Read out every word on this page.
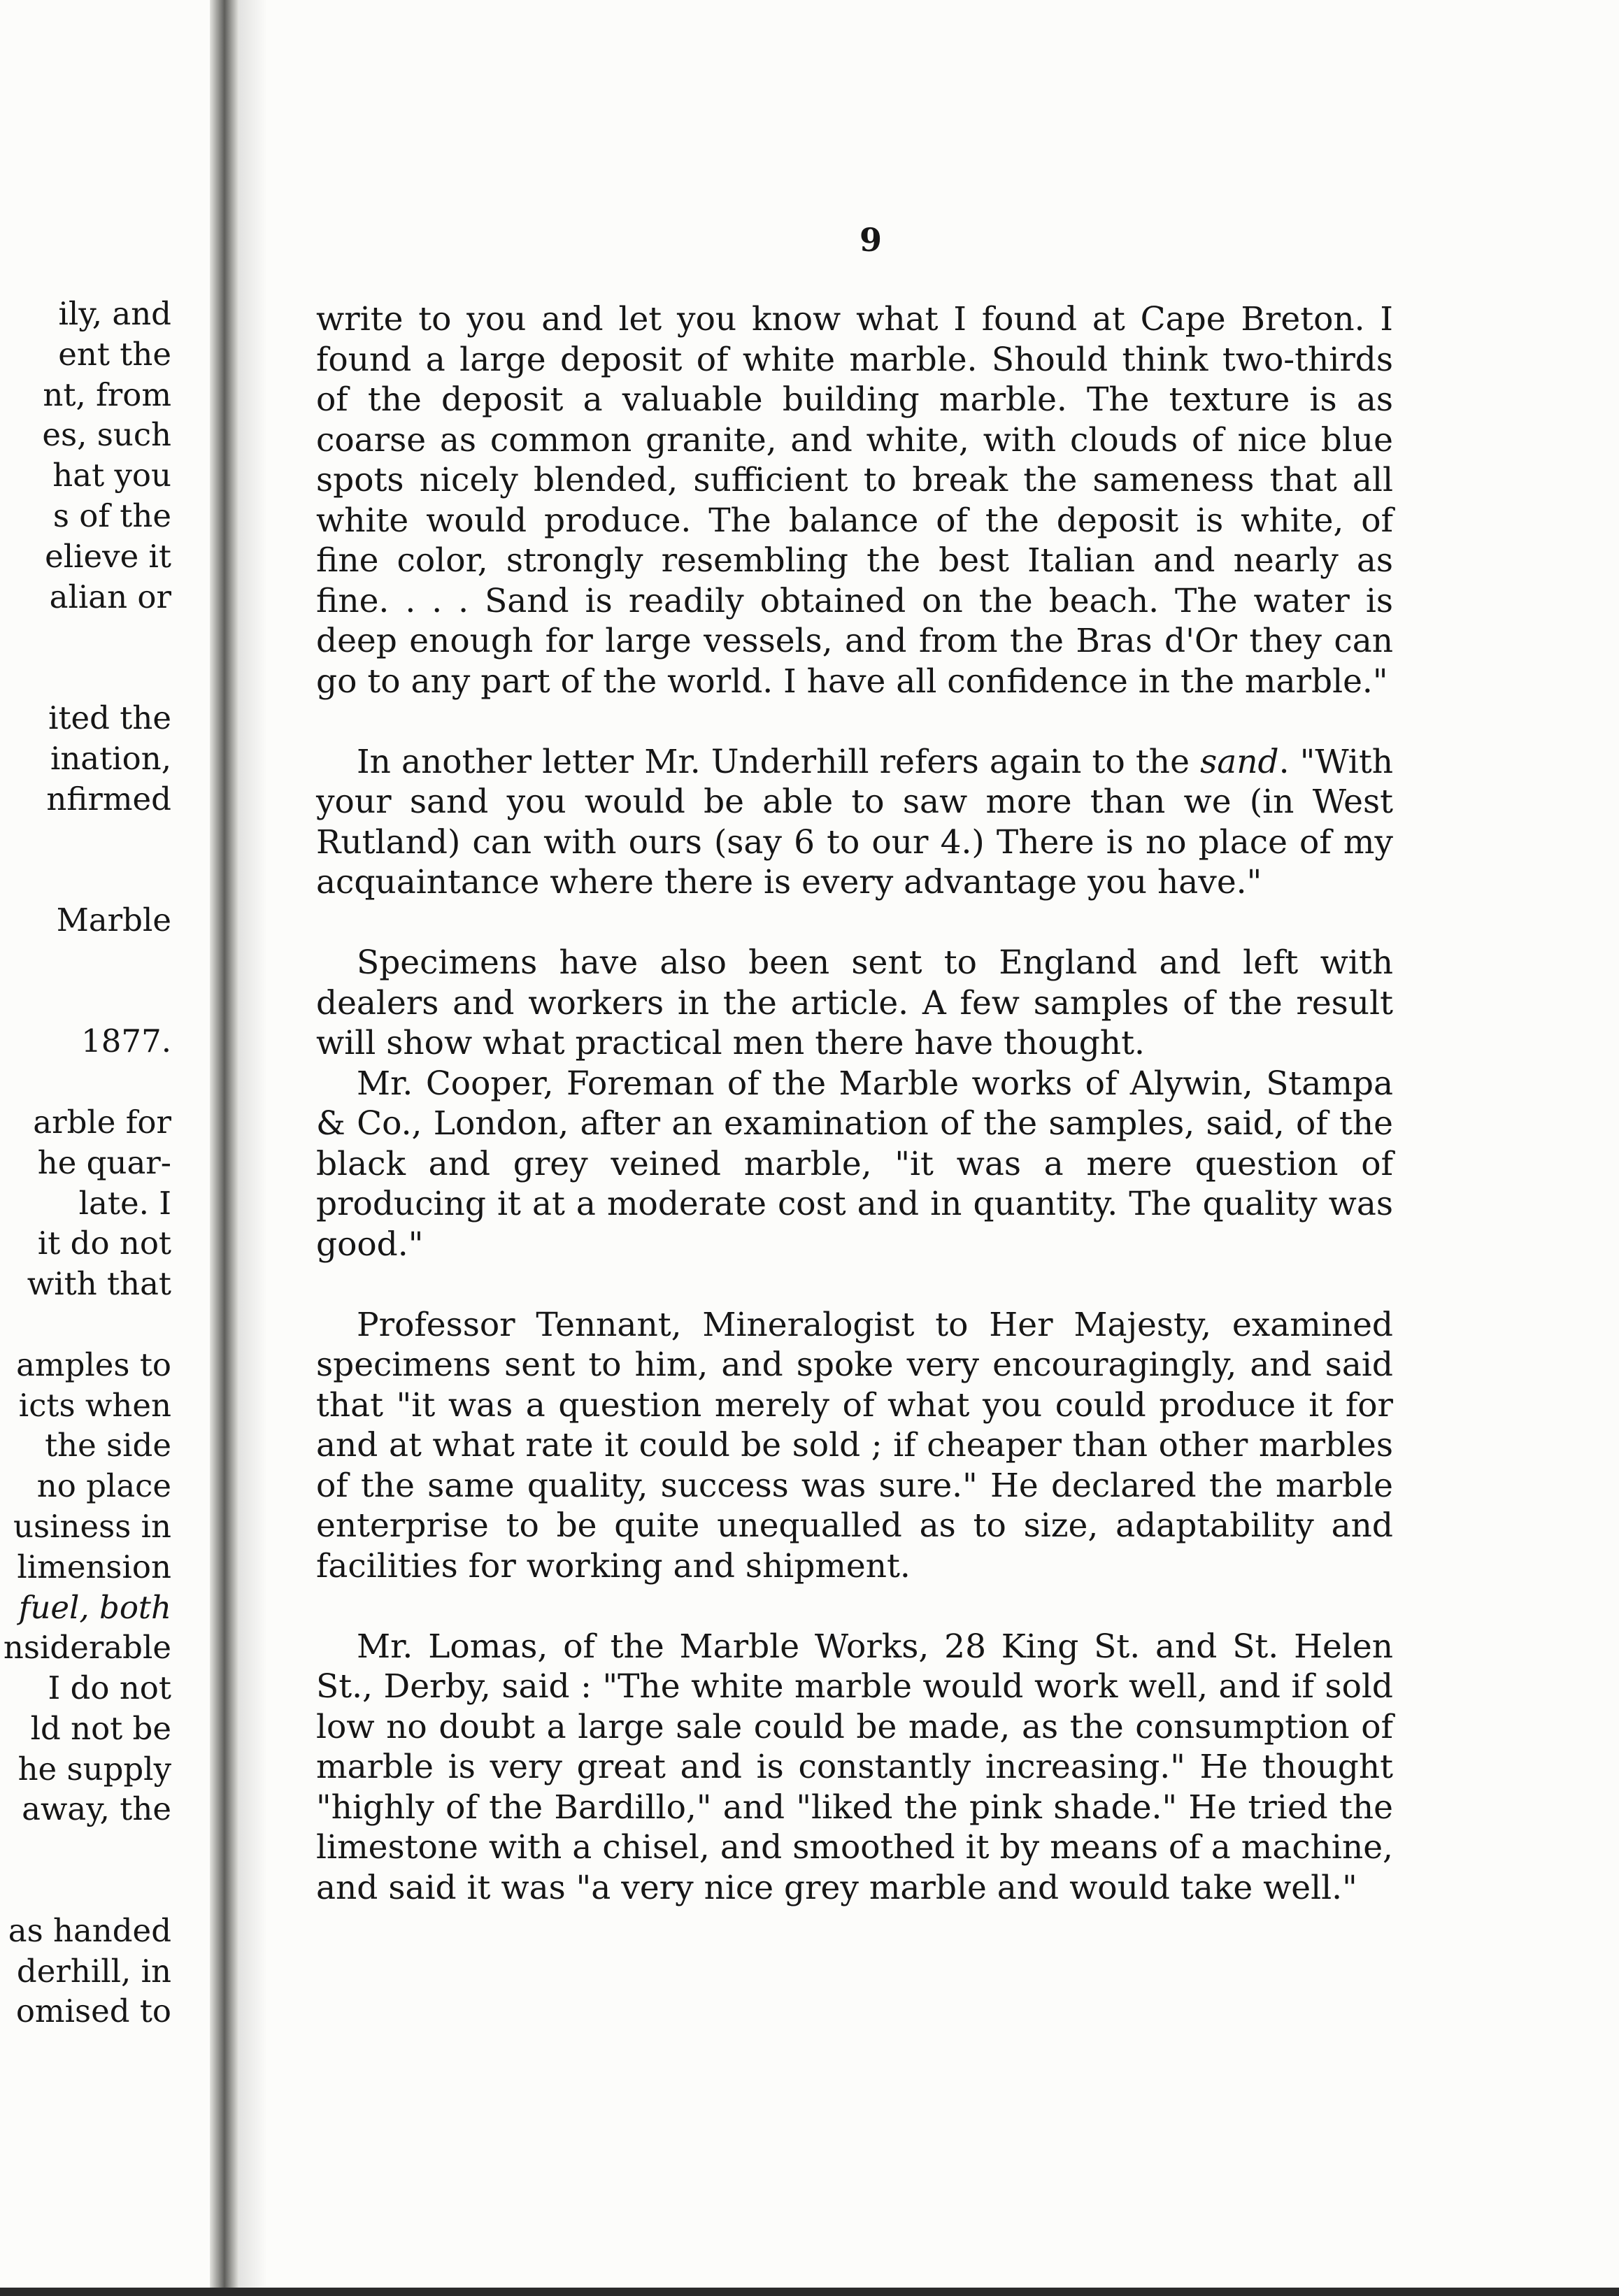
ily, and
ent the
nt, from
es, such
hat you
s of the
elieve it
alian or
ited the
ination,
nfirmed
Marble
1877.
arble for
he quar-
late. I
it do not
with that
amples to
icts when
the side
no place
usiness in
limension
fuel, both
nsiderable
I do not
ld not be
he supply
away, the
as handed
derhill, in
omised to
9

write to you and let you know what I found at Cape Breton. I found a large deposit of white marble. Should think two-thirds of the deposit a valuable building marble. The texture is as coarse as common granite, and white, with clouds of nice blue spots nicely blended, sufficient to break the sameness that all white would produce. The balance of the deposit is white, of fine color, strongly resembling the best Italian and nearly as fine. . . . Sand is readily obtained on the beach. The water is deep enough for large vessels, and from the Bras d'Or they can go to any part of the world. I have all confidence in the marble."

In another letter Mr. Underhill refers again to the sand. "With your sand you would be able to saw more than we (in West Rutland) can with ours (say 6 to our 4.) There is no place of my acquaintance where there is every advantage you have."

Specimens have also been sent to England and left with dealers and workers in the article. A few samples of the result will show what practical men there have thought.

Mr. Cooper, Foreman of the Marble works of Alywin, Stampa & Co., London, after an examination of the samples, said, of the black and grey veined marble, "it was a mere question of producing it at a moderate cost and in quantity. The quality was good."

Professor Tennant, Mineralogist to Her Majesty, examined specimens sent to him, and spoke very encouragingly, and said that "it was a question merely of what you could produce it for and at what rate it could be sold ; if cheaper than other marbles of the same quality, success was sure." He declared the marble enterprise to be quite unequalled as to size, adaptability and facilities for working and shipment.

Mr. Lomas, of the Marble Works, 28 King St. and St. Helen St., Derby, said : "The white marble would work well, and if sold low no doubt a large sale could be made, as the consumption of marble is very great and is constantly increasing." He thought "highly of the Bardillo," and "liked the pink shade." He tried the limestone with a chisel, and smoothed it by means of a machine, and said it was "a very nice grey marble and would take well."
